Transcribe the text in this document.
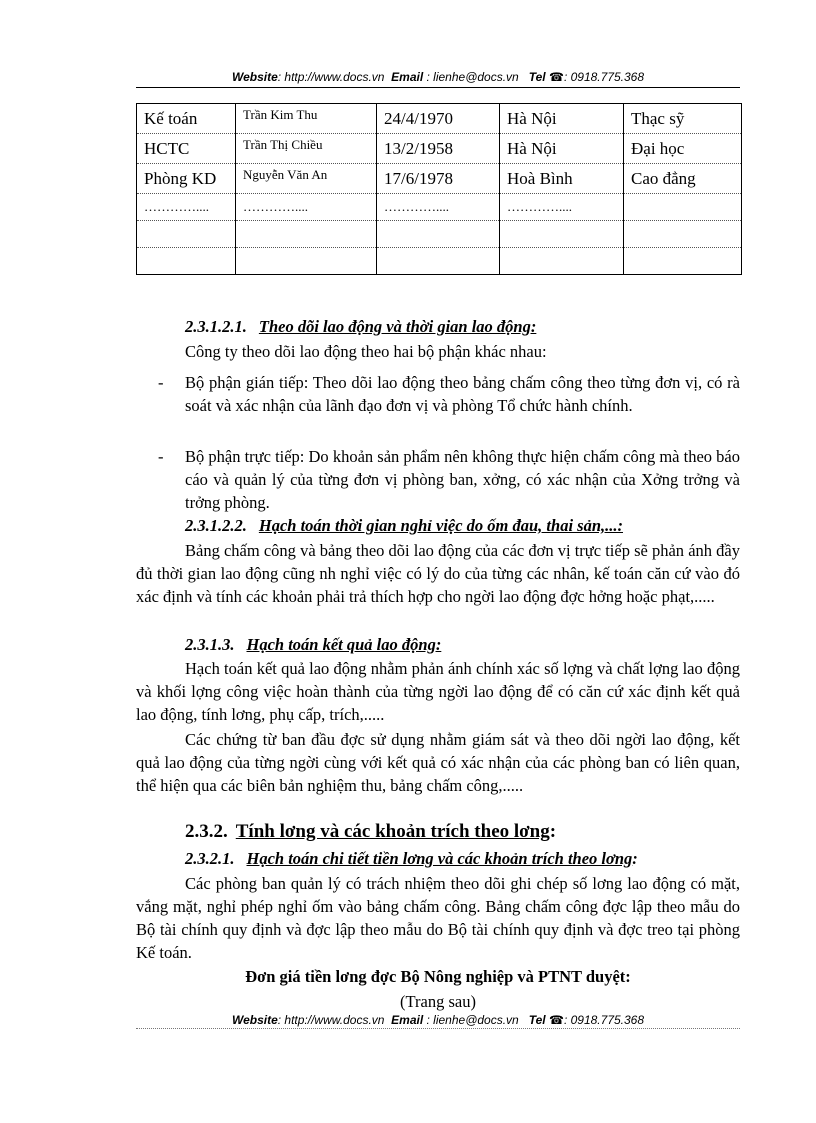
Website: http://www.docs.vn Email : lienhe@docs.vn Tel ☎: 0918.775.368
Kế toán	Trần Kim Thu	24/4/1970	Hà Nội	Thạc sỹ
HCTC	Trần Thị Chiều	13/2/1958	Hà Nội	Đại học
Phòng KD	Nguyễn Văn An	17/6/1978	Hoà Bình	Cao đẳng
…………....	…………....	…………....	…………....	

2.3.1.2.1. Theo dõi lao động và thời gian lao động:
Công ty theo dõi lao động theo hai bộ phận khác nhau:
- Bộ phận gián tiếp: Theo dõi lao động theo bảng chấm công theo từng đơn vị, có rà soát và xác nhận của lãnh đạo đơn vị và phòng Tổ chức hành chính.
- Bộ phận trực tiếp: Do khoản sản phẩm nên không thực hiện chấm công mà theo báo cáo và quản lý của từng đơn vị phòng ban, xởng, có xác nhận của Xởng trởng và trởng phòng.
2.3.1.2.2. Hạch toán thời gian nghỉ việc do ốm đau, thai sản,...:
Bảng chấm công và bảng theo dõi lao động của các đơn vị trực tiếp sẽ phản ánh đầy đủ thời gian lao động cũng nh nghỉ việc có lý do của từng các nhân, kế toán căn cứ vào đó xác định và tính các khoản phải trả thích hợp cho ngời lao động đợc hởng hoặc phạt,.....
2.3.1.3. Hạch toán kết quả lao động:
Hạch toán kết quả lao động nhằm phản ánh chính xác số lợng và chất lợng lao động và khối lợng công việc hoàn thành của từng ngời lao động để có căn cứ xác định kết quả lao động, tính lơng, phụ cấp, trích,.....
Các chứng từ ban đầu đợc sử dụng nhằm giám sát và theo dõi ngời lao động, kết quả lao động của từng ngời cùng với kết quả có xác nhận của các phòng ban có liên quan, thể hiện qua các biên bản nghiệm thu, bảng chấm công,.....
2.3.2. Tính lơng và các khoản trích theo lơng:
2.3.2.1. Hạch toán chi tiết tiền lơng và các khoản trích theo lơng:
Các phòng ban quản lý có trách nhiệm theo dõi ghi chép số lơng lao động có mặt, vắng mặt, nghỉ phép nghỉ ốm vào bảng chấm công. Bảng chấm công đợc lập theo mẫu do Bộ tài chính quy định và đợc lập theo mẫu do Bộ tài chính quy định và đợc treo tại phòng Kế toán.
Đơn giá tiền lơng đợc Bộ Nông nghiệp và PTNT duyệt:
(Trang sau)
Website: http://www.docs.vn Email : lienhe@docs.vn Tel ☎: 0918.775.368
